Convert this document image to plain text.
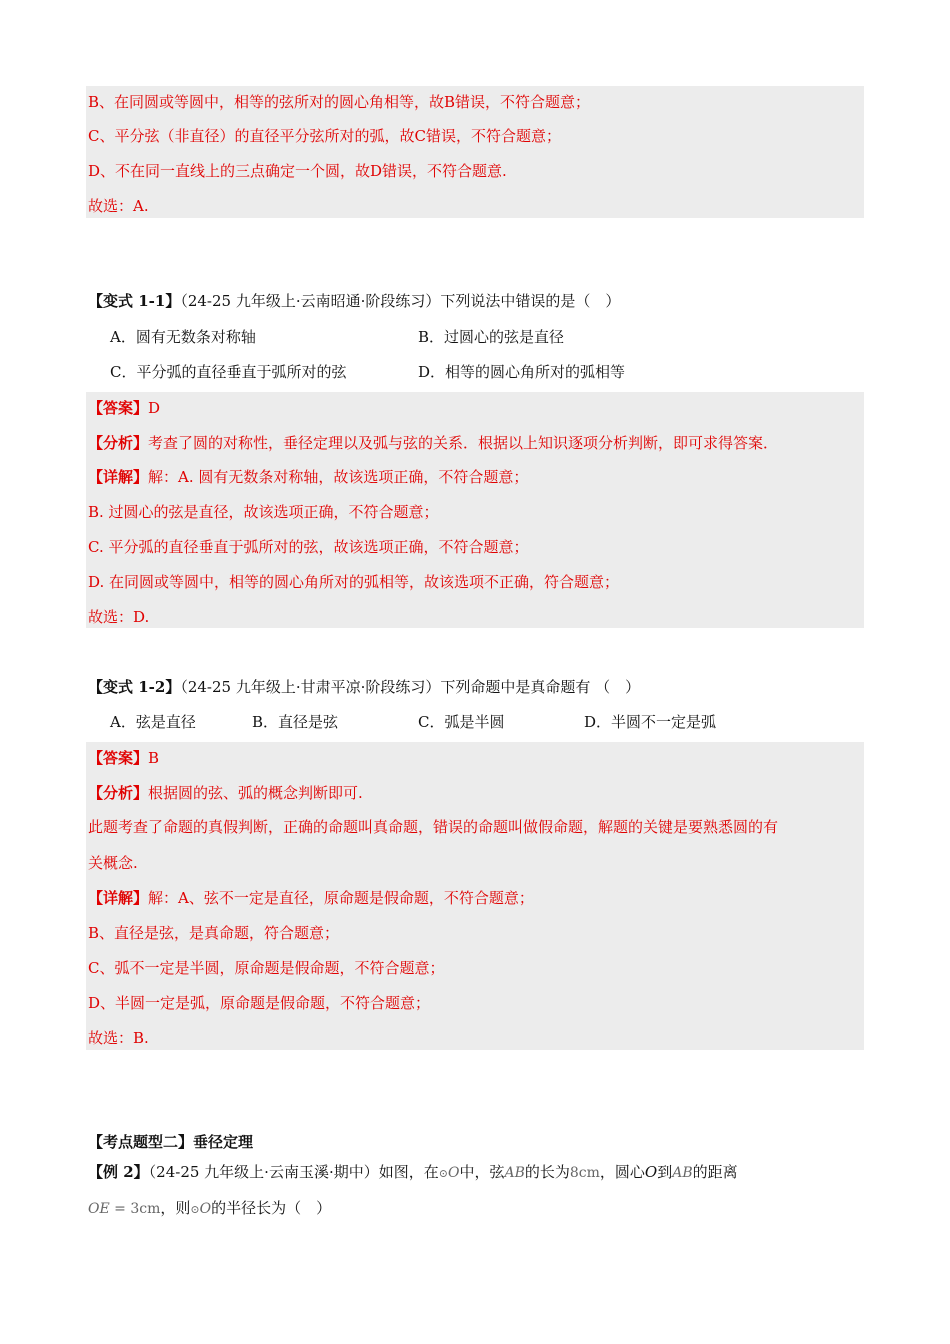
B、在同圆或等圆中，相等的弦所对的圆心角相等，故B错误，不符合题意；
C、平分弦（非直径）的直径平分弦所对的弧，故C错误，不符合题意；
D、不在同一直线上的三点确定一个圆，故D错误，不符合题意.
故选：A.
【变式 1-1】（24-25 九年级上·云南昭通·阶段练习）下列说法中错误的是（　）
A．圆有无数条对称轴	B．过圆心的弦是直径
C．平分弧的直径垂直于弧所对的弦	D．相等的圆心角所对的弧相等
【答案】D
【分析】考查了圆的对称性，垂径定理以及弧与弦的关系．根据以上知识逐项分析判断，即可求得答案．
【详解】解：A. 圆有无数条对称轴，故该选项正确，不符合题意；
B. 过圆心的弦是直径，故该选项正确，不符合题意；
C. 平分弧的直径垂直于弧所对的弦，故该选项正确，不符合题意；
D. 在同圆或等圆中，相等的圆心角所对的弧相等，故该选项不正确，符合题意；
故选：D.
【变式 1-2】（24-25 九年级上·甘肃平凉·阶段练习）下列命题中是真命题有 （　）
A．弦是直径	B．直径是弦	C．弧是半圆	D．半圆不一定是弧
【答案】B
【分析】根据圆的弦、弧的概念判断即可.
此题考查了命题的真假判断，正确的命题叫真命题，错误的命题叫做假命题，解题的关键是要熟悉圆的有
关概念.
【详解】解：A、弦不一定是直径，原命题是假命题，不符合题意；
B、直径是弦，是真命题，符合题意；
C、弧不一定是半圆，原命题是假命题，不符合题意；
D、半圆一定是弧，原命题是假命题，不符合题意；
故选：B.
【考点题型二】垂径定理
【例 2】（24-25 九年级上·云南玉溪·期中）如图，在⊙O中，弦AB的长为8cm，圆心O到AB的距离
OE = 3cm，则⊙O的半径长为（　）
